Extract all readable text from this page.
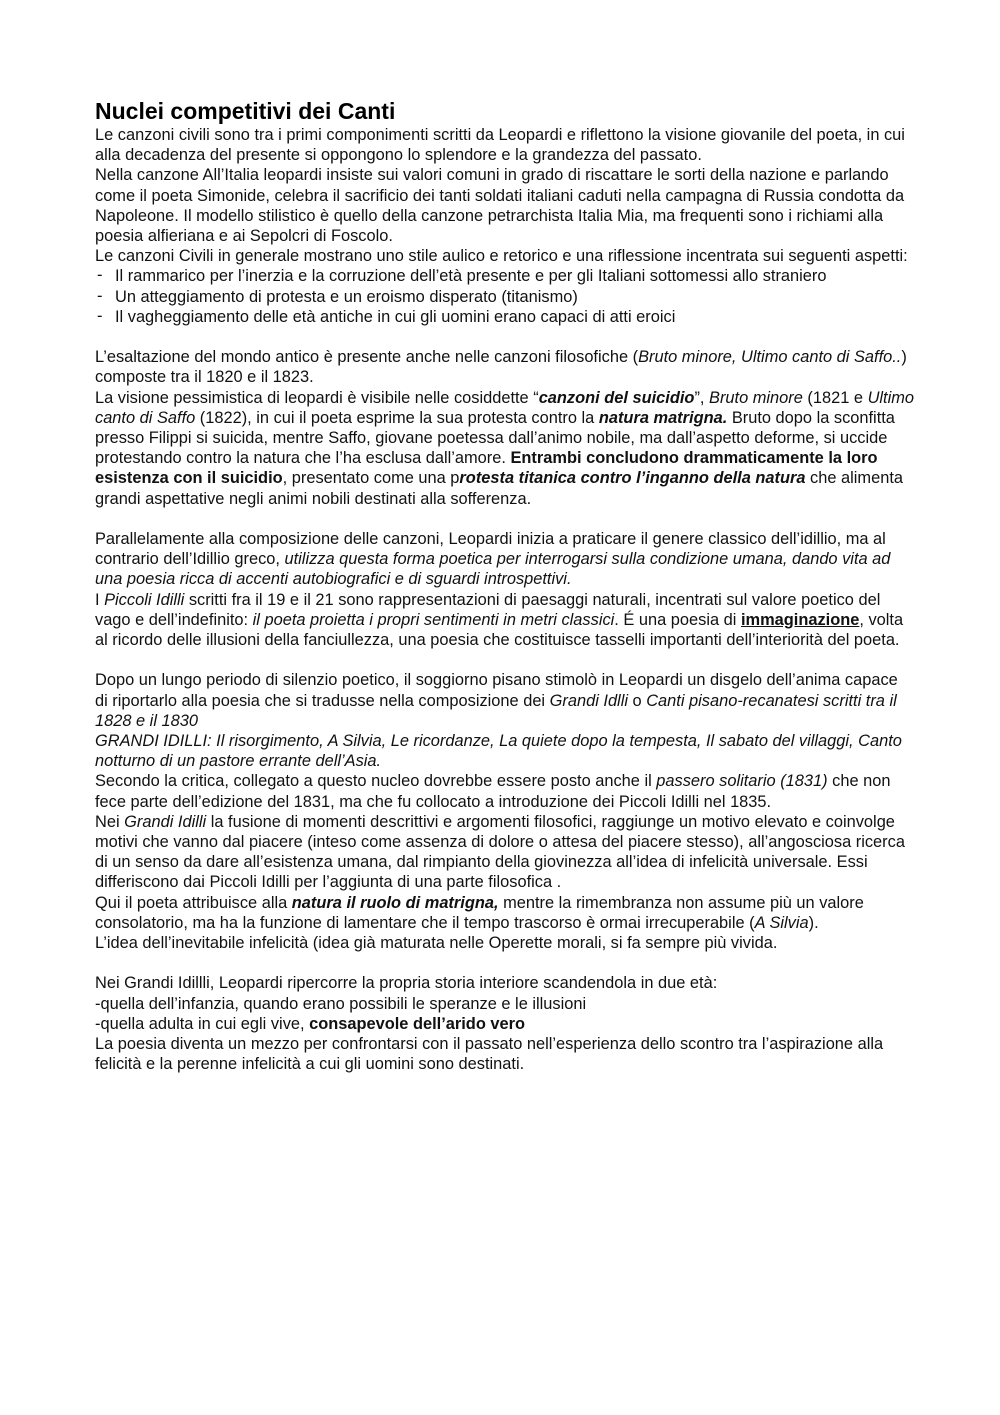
Nuclei competitivi dei Canti

Le canzoni civili sono tra i primi componimenti scritti da Leopardi e riflettono la visione giovanile del poeta, in cui alla decadenza del presente si oppongono lo splendore e la grandezza del passato.

Nella canzone All’Italia leopardi insiste sui valori comuni in grado di riscattare le sorti della nazione e parlando come il poeta Simonide, celebra il sacrificio dei tanti soldati italiani caduti nella campagna di Russia condotta da Napoleone. Il modello stilistico è quello della canzone petrarchista Italia Mia, ma frequenti sono i richiami alla poesia alfieriana e ai Sepolcri di Foscolo.

Le canzoni Civili in generale mostrano uno stile aulico e retorico e una riflessione incentrata sui seguenti aspetti:

- Il rammarico per l’inerzia e la corruzione dell’età presente e per gli Italiani sottomessi allo straniero
- Un atteggiamento di protesta e un eroismo disperato (titanismo)
- Il vagheggiamento delle età antiche in cui gli uomini erano capaci di atti eroici

L’esaltazione del mondo antico è presente anche nelle canzoni filosofiche (Bruto minore, Ultimo canto di Saffo..) composte tra il 1820 e il 1823.

La visione pessimistica di leopardi è visibile nelle cosiddette “canzoni del suicidio”, Bruto minore (1821 e Ultimo canto di Saffo (1822), in cui il poeta esprime la sua protesta contro la natura matrigna. Bruto dopo la sconfitta presso Filippi si suicida, mentre Saffo, giovane poetessa dall’animo nobile, ma dall’aspetto deforme, si uccide protestando contro la natura che l’ha esclusa dall’amore. Entrambi concludono drammaticamente la loro esistenza con il suicidio, presentato come una protesta titanica contro l’inganno della natura che alimenta grandi aspettative negli animi nobili destinati alla sofferenza.

Parallelamente alla composizione delle canzoni, Leopardi inizia a praticare il genere classico dell’idillio, ma al contrario dell’Idillio greco, utilizza questa forma poetica per interrogarsi sulla condizione umana, dando vita ad una poesia ricca di accenti autobiografici e di sguardi introspettivi.

I Piccoli Idilli scritti fra il 19 e il 21 sono rappresentazioni di paesaggi naturali, incentrati sul valore poetico del vago e dell’indefinito: il poeta proietta i propri sentimenti in metri classici. É una poesia di immaginazione, volta al ricordo delle illusioni della fanciullezza, una poesia che costituisce tasselli importanti dell’interiorità del poeta.

Dopo un lungo periodo di silenzio poetico, il soggiorno pisano stimolò in Leopardi un disgelo dell’anima capace di riportarlo alla poesia che si tradusse nella composizione dei Grandi Idlli o Canti pisano-recanatesi scritti tra il 1828 e il 1830

GRANDI IDILLI: Il risorgimento, A Silvia, Le ricordanze, La quiete dopo la tempesta, Il sabato del villaggi, Canto notturno di un pastore errante dell’Asia.

Secondo la critica, collegato a questo nucleo dovrebbe essere posto anche il passero solitario (1831) che non fece parte dell’edizione del 1831, ma che fu collocato a introduzione dei Piccoli Idilli nel 1835.

Nei Grandi Idilli la fusione di momenti descrittivi e argomenti filosofici, raggiunge un motivo elevato e coinvolge motivi che vanno dal piacere (inteso come assenza di dolore o attesa del piacere stesso), all’angosciosa ricerca di un senso da dare all’esistenza umana, dal rimpianto della giovinezza all’idea di infelicità universale. Essi differiscono dai Piccoli Idilli per l’aggiunta di una parte filosofica .

Qui il poeta attribuisce alla natura il ruolo di matrigna, mentre la rimembranza non assume più un valore consolatorio, ma ha la funzione di lamentare che il tempo trascorso è ormai irrecuperabile (A Silvia).

L’idea dell’inevitabile infelicità (idea già maturata nelle Operette morali, si fa sempre più vivida.

Nei Grandi Idillli, Leopardi ripercorre la propria storia interiore scandendola in due età:

-quella dell’infanzia, quando erano possibili le speranze e le illusioni

-quella adulta in cui egli vive, consapevole dell’arido vero

La poesia diventa un mezzo per confrontarsi con il passato nell’esperienza dello scontro tra l’aspirazione alla felicità e la perenne infelicità a cui gli uomini sono destinati.
